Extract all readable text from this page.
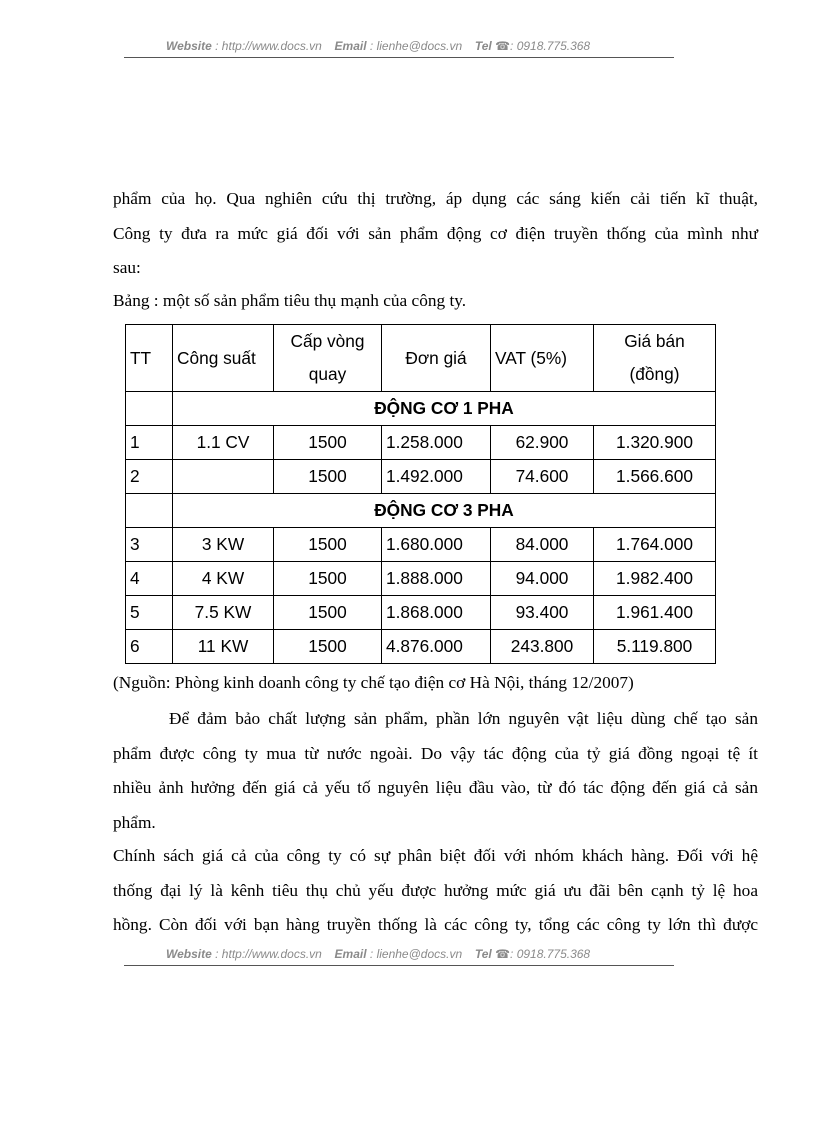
Website : http://www.docs.vn Email : lienhe@docs.vn Tel ☎: 0918.775.368
phẩm của họ. Qua nghiên cứu thị trường, áp dụng các sáng kiến cải tiến kĩ thuật,
Công ty đưa ra mức giá đối với sản phẩm động cơ điện truyền thống của mình như
sau:
Bảng : một số sản phẩm tiêu thụ mạnh của công ty.
TT	Công suất	Cấp vòng quay	Đơn giá	VAT (5%)	Giá bán (đồng)
	ĐỘNG CƠ 1 PHA				
1	1.1 CV	1500	1.258.000	62.900	1.320.900
2		1500	1.492.000	74.600	1.566.600
	ĐỘNG CƠ 3 PHA				
3	3 KW	1500	1.680.000	84.000	1.764.000
4	4 KW	1500	1.888.000	94.000	1.982.400
5	7.5 KW	1500	1.868.000	93.400	1.961.400
6	11 KW	1500	4.876.000	243.800	5.119.800
(Nguồn: Phòng kinh doanh công ty chế tạo điện cơ Hà Nội, tháng 12/2007)
Để đảm bảo chất lượng sản phẩm, phần lớn nguyên vật liệu dùng chế tạo sản
phẩm được công ty mua từ nước ngoài. Do vậy tác động của tỷ giá đồng ngoại tệ ít
nhiều ảnh hưởng đến giá cả yếu tố nguyên liệu đầu vào, từ đó tác động đến giá cả sản
phẩm.
Chính sách giá cả của công ty có sự phân biệt đối với nhóm khách hàng. Đối với hệ
thống đại lý là kênh tiêu thụ chủ yếu được hưởng mức giá ưu đãi bên cạnh tỷ lệ hoa
hồng. Còn đối với bạn hàng truyền thống là các công ty, tổng các công ty lớn thì được
Website : http://www.docs.vn Email : lienhe@docs.vn Tel ☎: 0918.775.368
